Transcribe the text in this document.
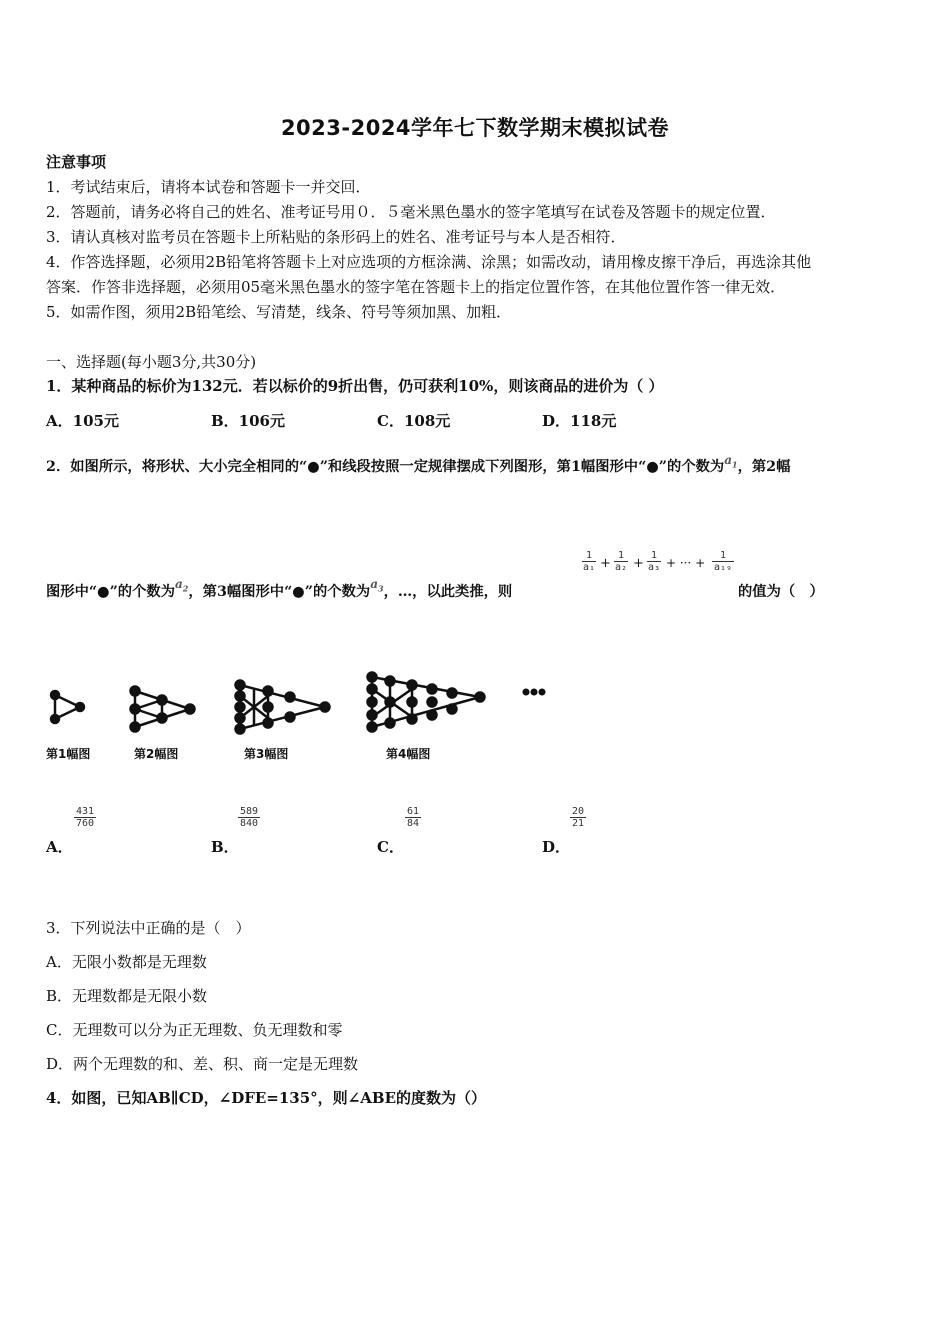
2023-2024学年七下数学期末模拟试卷
注意事项
1．考试结束后，请将本试卷和答题卡一并交回．
2．答题前，请务必将自己的姓名、准考证号用０．５毫米黑色墨水的签字笔填写在试卷及答题卡的规定位置．
3．请认真核对监考员在答题卡上所粘贴的条形码上的姓名、准考证号与本人是否相符．
4．作答选择题，必须用2B铅笔将答题卡上对应选项的方框涂满、涂黑；如需改动，请用橡皮擦干净后，再选涂其他
答案．作答非选择题，必须用05毫米黑色墨水的签字笔在答题卡上的指定位置作答，在其他位置作答一律无效．
5．如需作图，须用2B铅笔绘、写清楚，线条、符号等须加黑、加粗．
一、选择题(每小题3分,共30分)
1．某种商品的标价为132元．若以标价的9折出售，仍可获利10%，则该商品的进价为（ ）
A．105元	B．106元	C．108元	D．118元
2．如图所示，将形状、大小完全相同的“●”和线段按照一定规律摆成下列图形，第1幅图形中“●”的个数为$^{a_1}$，第2幅
图形中“●”的个数为$^{a_2}$，第3幅图形中“●”的个数为$^{a_3}$，…，以此类推，则
$\frac{1}{\text{a₁}} + \frac{1}{\text{a₂}} + \frac{1}{\text{a₃}}$ + ··· + $\frac{1}{\text{a₁₉}}$
的值为（　）
第1幅图	第2幅图	第3幅图	第4幅图
A．
$\frac{431}{760}$
B．
$\frac{589}{840}$
C．
$\frac{61}{84}$
D．
$\frac{20}{21}$
3．下列说法中正确的是（　）
A．无限小数都是无理数
B．无理数都是无限小数
C．无理数可以分为正无理数、负无理数和零
D．两个无理数的和、差、积、商一定是无理数
4．如图，已知AB∥CD，∠DFE=135°，则∠ABE的度数为（）
